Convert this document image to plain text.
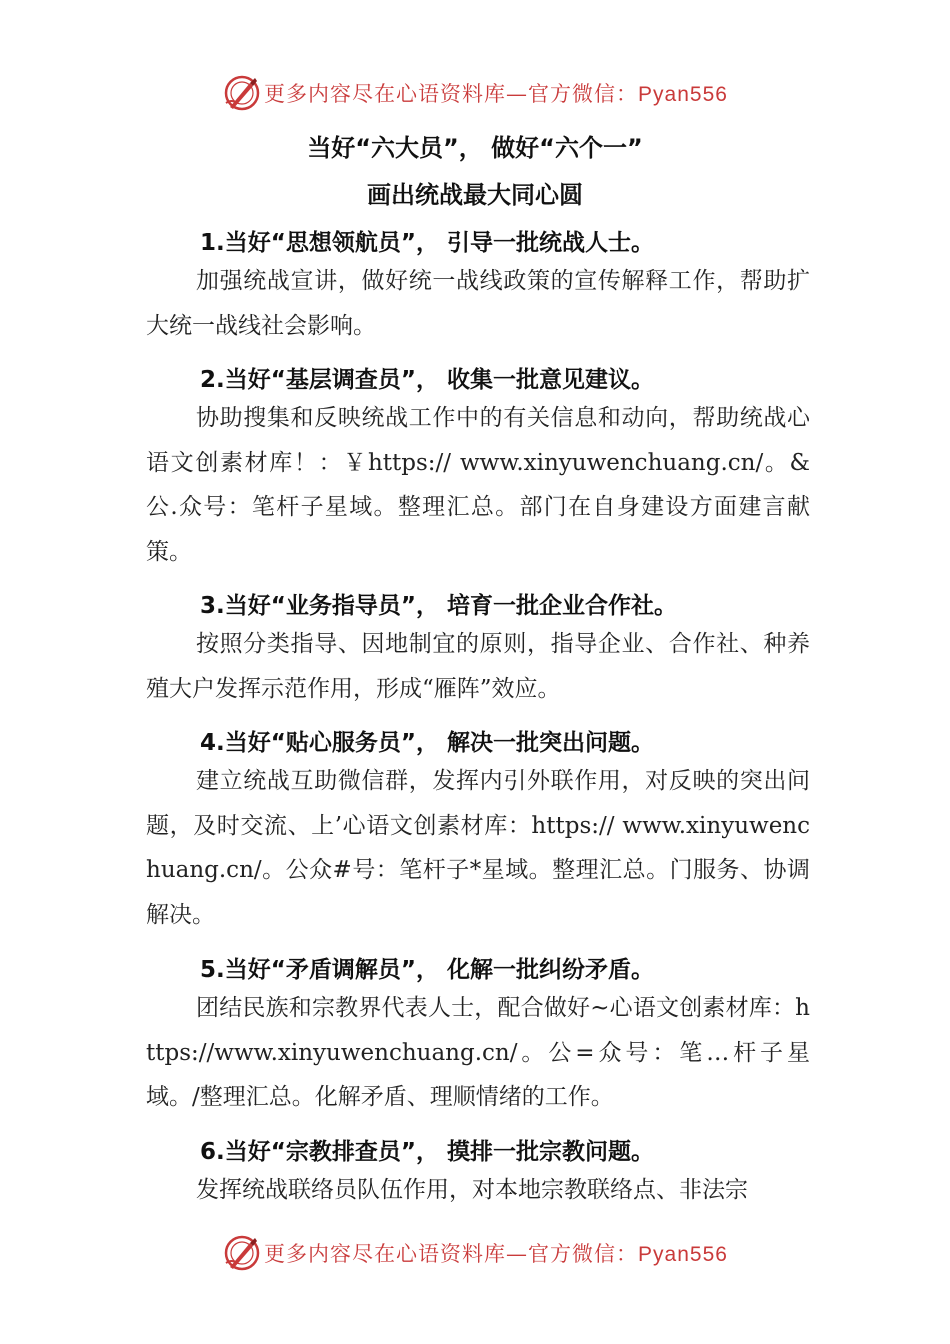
更多内容尽在心语资料库—官方微信：Pyan556
当好“六大员”， 做好“六个一”
画出统战最大同心圆
1.当好“思想领航员”， 引导一批统战人士。

加强统战宣讲，做好统一战线政策的宣传解释工作，帮助扩大统一战线社会影响。

2.当好“基层调查员”， 收集一批意见建议。

协助搜集和反映统战工作中的有关信息和动向，帮助统战心语文创素材库！：￥https:// www.xinyuwenchuang.cn/。&公.众号：笔杆子星域。整理汇总。部门在自身建设方面建言献策。

3.当好“业务指导员”， 培育一批企业合作社。

按照分类指导、因地制宜的原则，指导企业、合作社、种养殖大户发挥示范作用，形成“雁阵”效应。

4.当好“贴心服务员”， 解决一批突出问题。

建立统战互助微信群，发挥内引外联作用，对反映的突出问题，及时交流、上’心语文创素材库：https:// www.xinyuwenchuang.cn/。公众#号：笔杆子*星域。整理汇总。门服务、协调解决。

5.当好“矛盾调解员”， 化解一批纠纷矛盾。

团结民族和宗教界代表人士，配合做好~心语文创素材库：https://www.xinyuwenchuang.cn/。公=众号：笔…杆子星域。/整理汇总。化解矛盾、理顺情绪的工作。

6.当好“宗教排查员”， 摸排一批宗教问题。

发挥统战联络员队伍作用，对本地宗教联络点、非法宗

更多内容尽在心语资料库—官方微信：Pyan556
